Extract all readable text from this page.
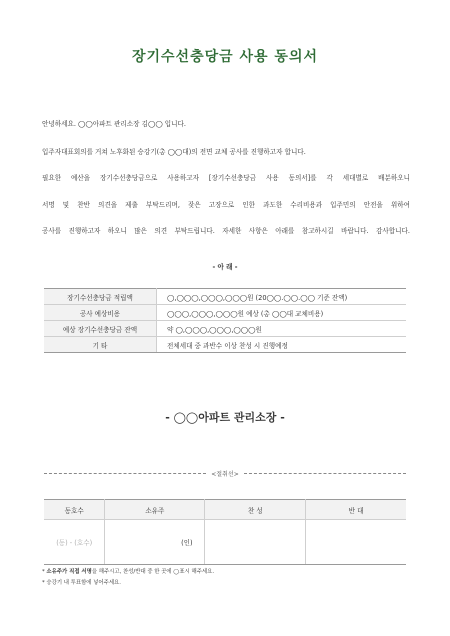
장기수선충당금 사용 동의서
안녕하세요. ◯◯아파트 관리소장 김◯◯ 입니다.
입주자대표회의를 거쳐 노후화된 승강기(총 ◯◯대)의 전면 교체 공사를 진행하고자 합니다.
필요한 예산을 장기수선충당금으로 사용하고자 [장기수선충당금 사용 동의서]를 각 세대별로 배분하오니
서명 및 찬반 의견을 제출 부탁드리며, 잦은 고장으로 인한 과도한 수리비용과 입주민의 안전을 위하여
공사를 진행하고자 하오니 많은 의견 부탁드립니다. 자세한 사항은 아래를 참고하시길 바랍니다. 감사합니다.
- 아 래 -
장기수선충당금 적립액	◯,◯◯◯,◯◯◯,◯◯◯원 (20◯◯.◯◯.◯◯ 기준 잔액)
공사 예상비용	◯◯◯,◯◯◯,◯◯◯원 예상 (총 ◯◯대 교체비용)
예상 장기수선충당금 잔액	약 ◯,◯◯◯,◯◯◯,◯◯◯원
기 타	전체세대 중 과반수 이상 찬성 시 진행예정
- ◯◯아파트 관리소장 -
<절취선>
동호수	소유주	찬 성	반 대
(동) - (호수)	(인)		
* 소유주가 직접 서명을 해주시고, 찬성/반대 중 한 곳에 ◯표시 해주세요.
* 승강기 내 투표함에 넣어주세요.
